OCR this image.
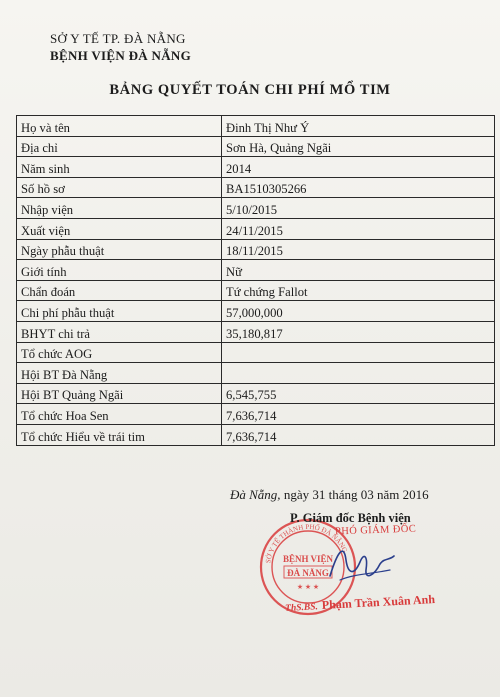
SỞ Y TẾ TP. ĐÀ NẴNG
BỆNH VIỆN ĐÀ NẴNG
BẢNG QUYẾT TOÁN CHI PHÍ MỔ TIM
Họ và tên	Đinh Thị Như Ý
Địa chỉ	Sơn Hà, Quảng Ngãi
Năm sinh	2014
Số hồ sơ	BA1510305266
Nhập viện	5/10/2015
Xuất viện	24/11/2015
Ngày phẫu thuật	18/11/2015
Giới tính	Nữ
Chẩn đoán	Tứ chứng Fallot
Chi phí phẫu thuật	57,000,000
BHYT chi trả	35,180,817
Tổ chức AOG	
Hội BT Đà Nẵng	
Hội BT Quảng Ngãi	6,545,755
Tổ chức Hoa Sen	7,636,714
Tổ chức Hiểu về trái tim	7,636,714
Đà Nẵng, ngày 31 tháng 03 năm 2016
SỞ Y TẾ THÀNH PHỐ ĐÀ NẴNG
BỆNH VIỆN
ĐÀ NẴNG
★ ★ ★
P. Giám đốc Bệnh viện
PHÓ GIÁM ĐỐC
ThS.BS. Phạm Trần Xuân Anh
